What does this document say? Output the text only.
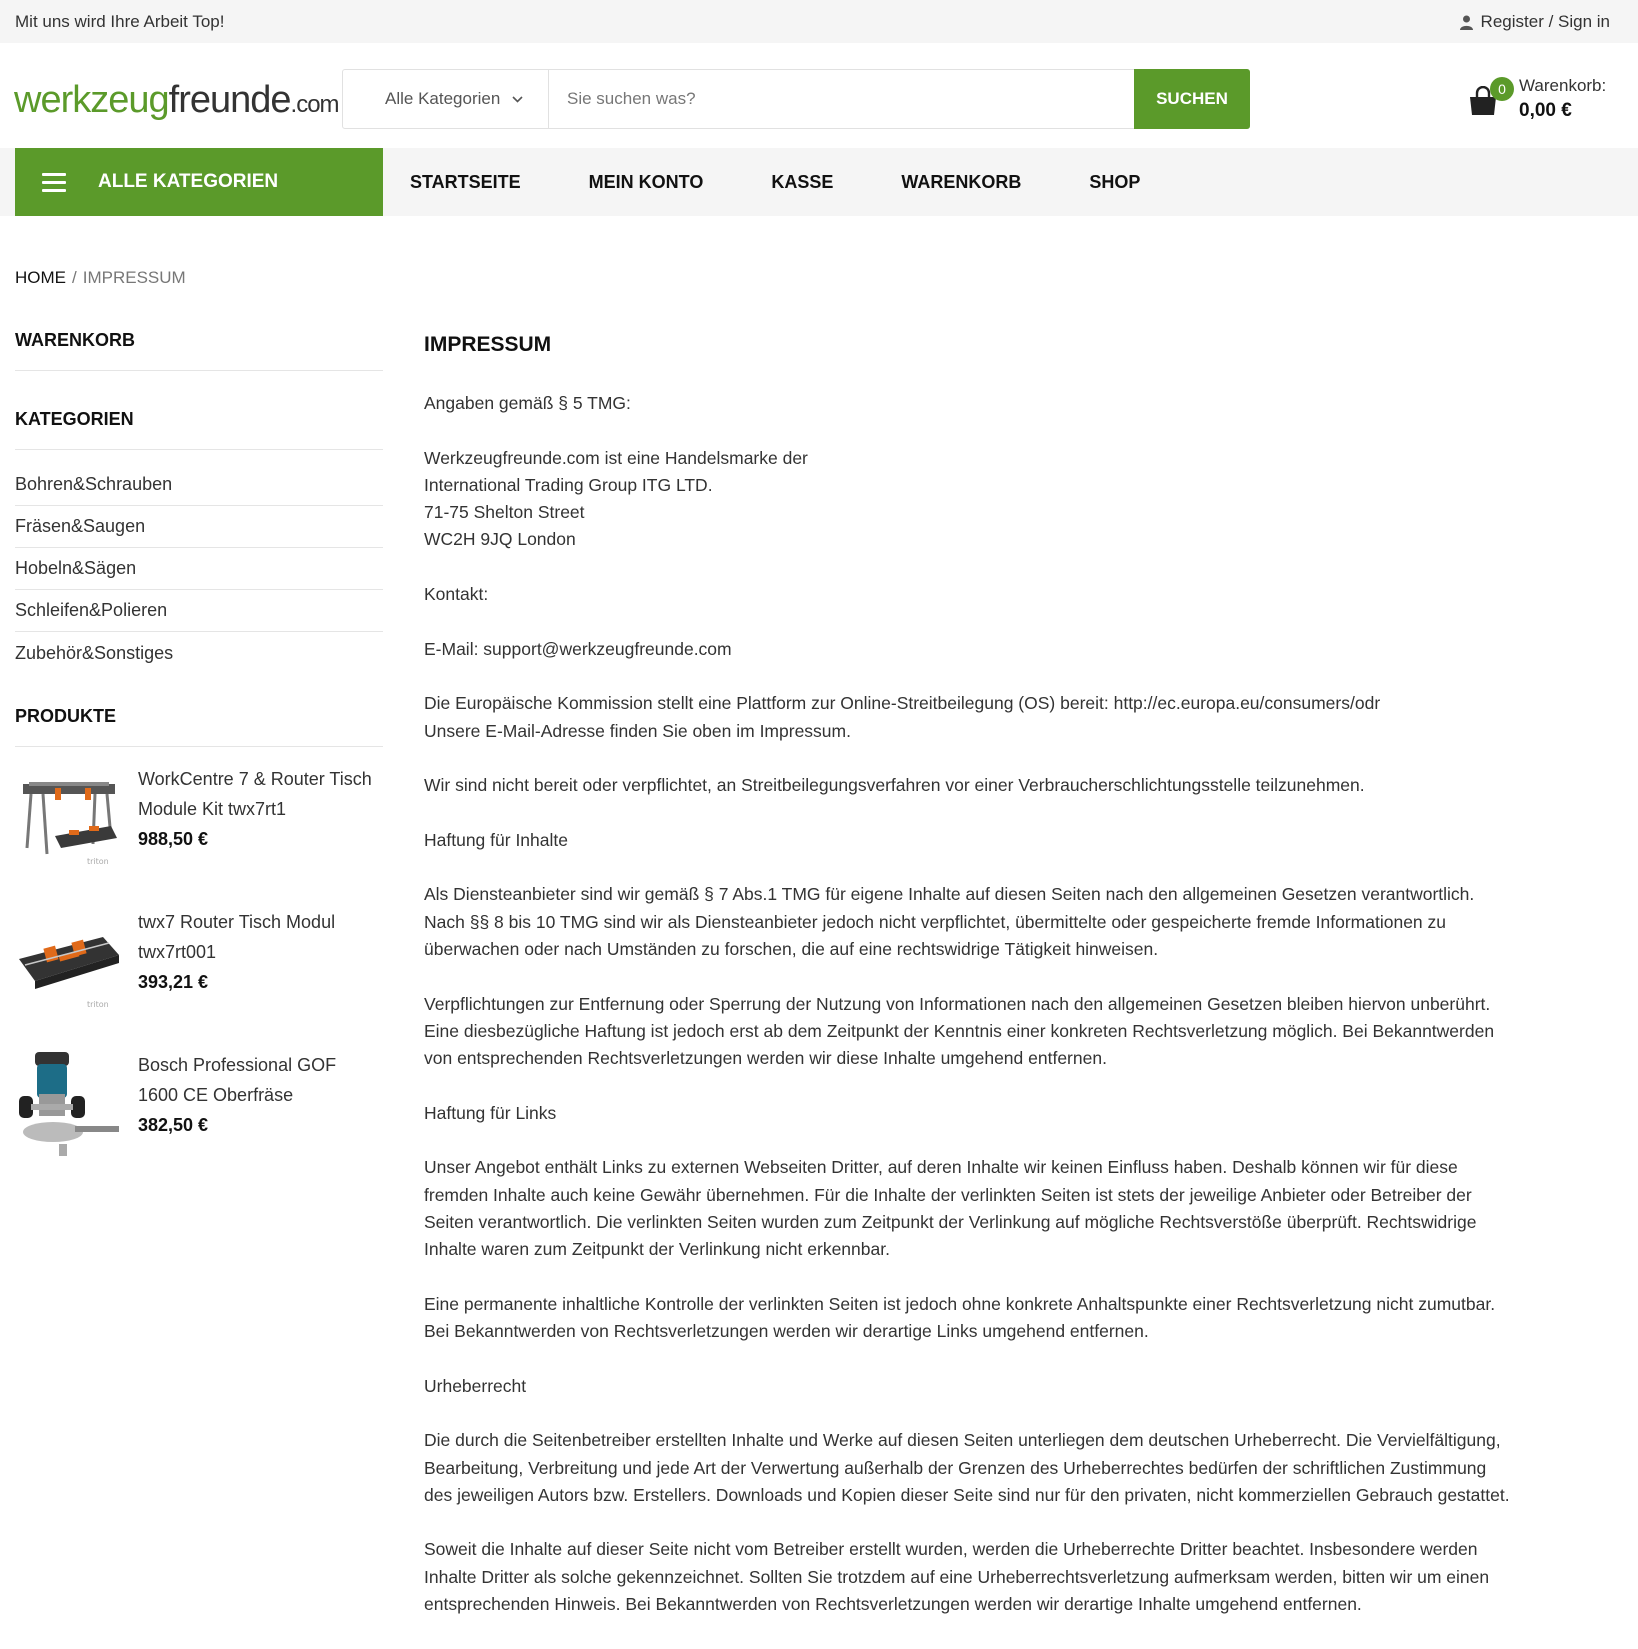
Mit uns wird Ihre Arbeit Top!	Register / Sign in
werkzeugfreunde.com	Alle Kategorien
Sie suchen was?	SUCHEN	0 Warenkorb:
0,00 €
ALLE KATEGORIEN	STARTSEITE	MEIN KONTO	KASSE	WARENKORB	SHOP
HOME / IMPRESSUM
WARENKORB
KATEGORIEN
Bohren&Schrauben
Fräsen&Saugen
Hobeln&Sägen
Schleifen&Polieren
Zubehör&Sonstiges
PRODUKTE
triton
WorkCentre 7 & Router Tisch Module Kit twx7rt1
988,50 €
triton
twx7 Router Tisch Modul twx7rt001
393,21 €
Bosch Professional GOF 1600 CE Oberfräse
382,50 €
IMPRESSUM

Angaben gemäß § 5 TMG:

Werkzeugfreunde.com ist eine Handelsmarke der
International Trading Group ITG LTD.
71-75 Shelton Street
WC2H 9JQ London

Kontakt:

E-Mail: support@werkzeugfreunde.com

Die Europäische Kommission stellt eine Plattform zur Online-Streitbeilegung (OS) bereit: http://ec.europa.eu/consumers/odr
Unsere E-Mail-Adresse finden Sie oben im Impressum.

Wir sind nicht bereit oder verpflichtet, an Streitbeilegungsverfahren vor einer Verbraucherschlichtungsstelle teilzunehmen.

Haftung für Inhalte

Als Diensteanbieter sind wir gemäß § 7 Abs.1 TMG für eigene Inhalte auf diesen Seiten nach den allgemeinen Gesetzen verantwortlich.
Nach §§ 8 bis 10 TMG sind wir als Diensteanbieter jedoch nicht verpflichtet, übermittelte oder gespeicherte fremde Informationen zu
überwachen oder nach Umständen zu forschen, die auf eine rechtswidrige Tätigkeit hinweisen.

Verpflichtungen zur Entfernung oder Sperrung der Nutzung von Informationen nach den allgemeinen Gesetzen bleiben hiervon unberührt.
Eine diesbezügliche Haftung ist jedoch erst ab dem Zeitpunkt der Kenntnis einer konkreten Rechtsverletzung möglich. Bei Bekanntwerden
von entsprechenden Rechtsverletzungen werden wir diese Inhalte umgehend entfernen.

Haftung für Links

Unser Angebot enthält Links zu externen Webseiten Dritter, auf deren Inhalte wir keinen Einfluss haben. Deshalb können wir für diese
fremden Inhalte auch keine Gewähr übernehmen. Für die Inhalte der verlinkten Seiten ist stets der jeweilige Anbieter oder Betreiber der
Seiten verantwortlich. Die verlinkten Seiten wurden zum Zeitpunkt der Verlinkung auf mögliche Rechtsverstöße überprüft. Rechtswidrige
Inhalte waren zum Zeitpunkt der Verlinkung nicht erkennbar.

Eine permanente inhaltliche Kontrolle der verlinkten Seiten ist jedoch ohne konkrete Anhaltspunkte einer Rechtsverletzung nicht zumutbar.
Bei Bekanntwerden von Rechtsverletzungen werden wir derartige Links umgehend entfernen.

Urheberrecht

Die durch die Seitenbetreiber erstellten Inhalte und Werke auf diesen Seiten unterliegen dem deutschen Urheberrecht. Die Vervielfältigung,
Bearbeitung, Verbreitung und jede Art der Verwertung außerhalb der Grenzen des Urheberrechtes bedürfen der schriftlichen Zustimmung
des jeweiligen Autors bzw. Erstellers. Downloads und Kopien dieser Seite sind nur für den privaten, nicht kommerziellen Gebrauch gestattet.

Soweit die Inhalte auf dieser Seite nicht vom Betreiber erstellt wurden, werden die Urheberrechte Dritter beachtet. Insbesondere werden
Inhalte Dritter als solche gekennzeichnet. Sollten Sie trotzdem auf eine Urheberrechtsverletzung aufmerksam werden, bitten wir um einen
entsprechenden Hinweis. Bei Bekanntwerden von Rechtsverletzungen werden wir derartige Inhalte umgehend entfernen.
